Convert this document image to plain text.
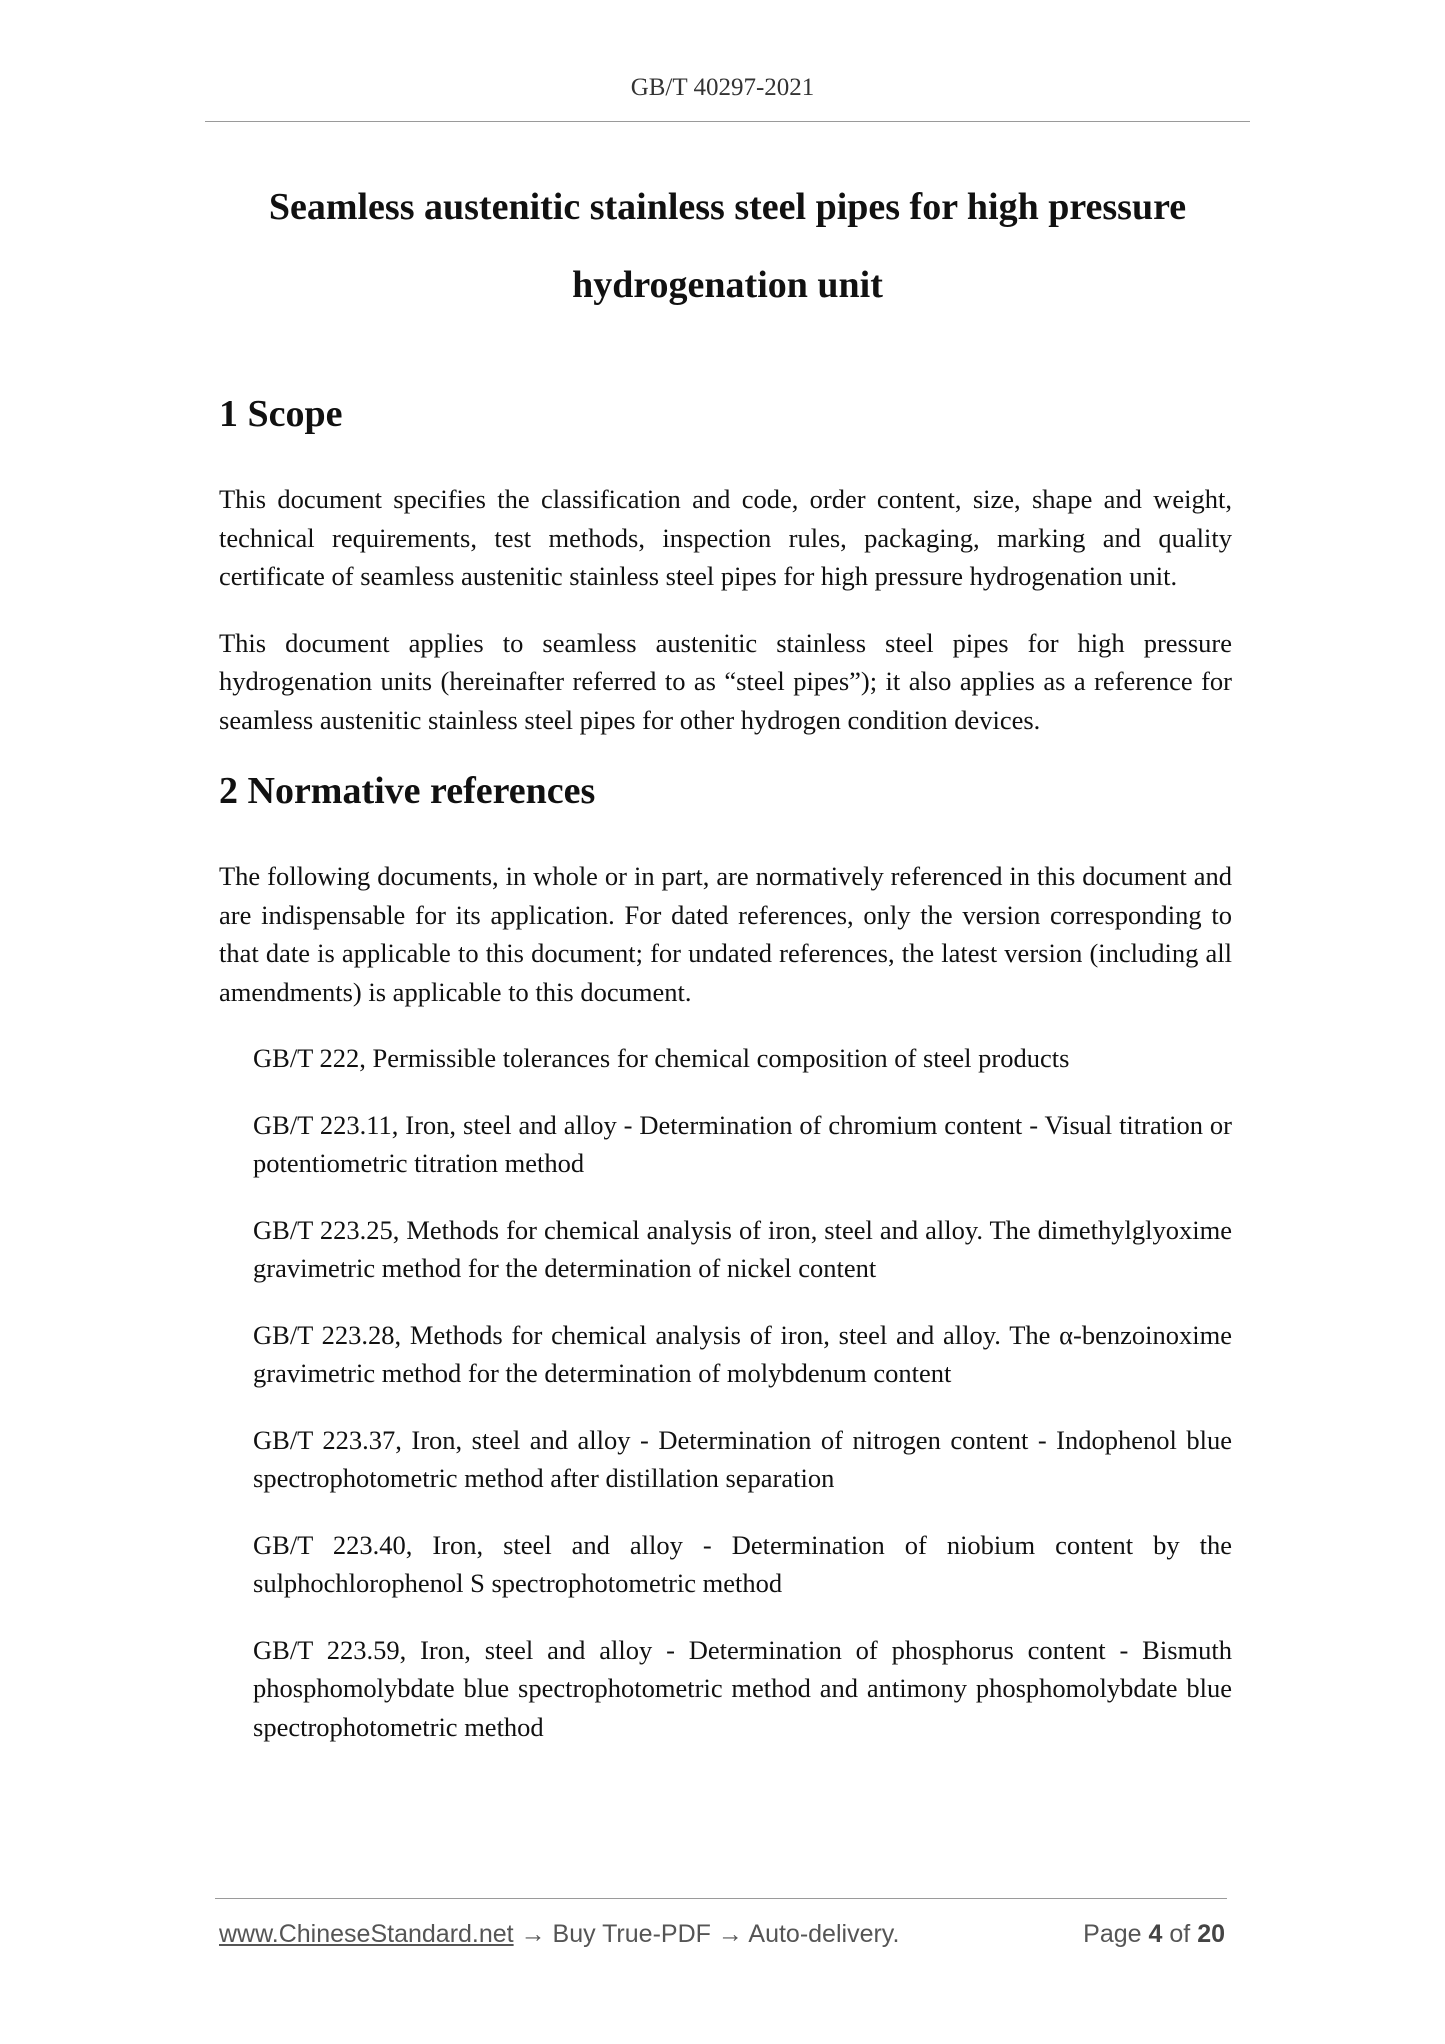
GB/T 40297-2021
Seamless austenitic stainless steel pipes for high pressure
hydrogenation unit
1 Scope

This document specifies the classification and code, order content, size, shape and weight, technical requirements, test methods, inspection rules, packaging, marking and quality certificate of seamless austenitic stainless steel pipes for high pressure hydrogenation unit.

This document applies to seamless austenitic stainless steel pipes for high pressure hydrogenation units (hereinafter referred to as “steel pipes”); it also applies as a reference for seamless austenitic stainless steel pipes for other hydrogen condition devices.

2 Normative references

The following documents, in whole or in part, are normatively referenced in this document and are indispensable for its application. For dated references, only the version corresponding to that date is applicable to this document; for undated references, the latest version (including all amendments) is applicable to this document.

GB/T 222, Permissible tolerances for chemical composition of steel products
GB/T 223.11, Iron, steel and alloy - Determination of chromium content - Visual titration or potentiometric titration method
GB/T 223.25, Methods for chemical analysis of iron, steel and alloy. The dimethylglyoxime gravimetric method for the determination of nickel content
GB/T 223.28, Methods for chemical analysis of iron, steel and alloy. The α-benzoinoxime gravimetric method for the determination of molybdenum content
GB/T 223.37, Iron, steel and alloy - Determination of nitrogen content - Indophenol blue spectrophotometric method after distillation separation
GB/T 223.40, Iron, steel and alloy - Determination of niobium content by the sulphochlorophenol S spectrophotometric method
GB/T 223.59, Iron, steel and alloy - Determination of phosphorus content - Bismuth phosphomolybdate blue spectrophotometric method and antimony phosphomolybdate blue spectrophotometric method
www.ChineseStandard.net → Buy True-PDF → Auto-delivery.	Page 4 of 20
